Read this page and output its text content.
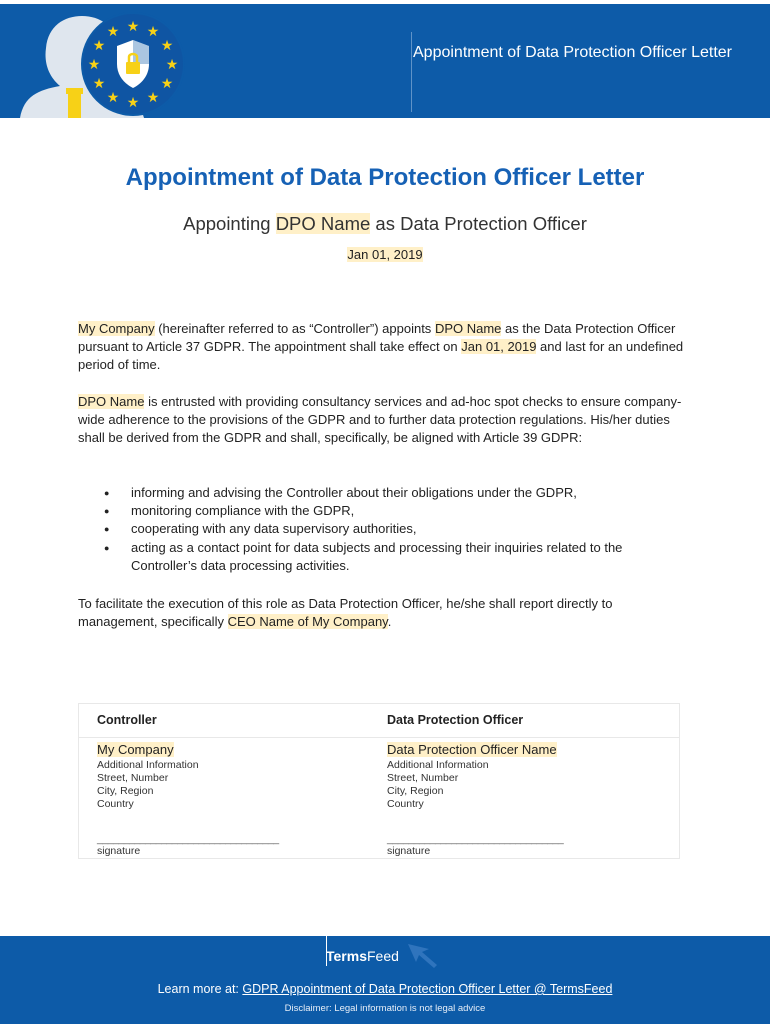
★ ★
★
★
★
★
★
★
★
★
★
★
Appointment of Data Protection Officer Letter
Appointment of Data Protection Officer Letter
Appointing DPO Name as Data Protection Officer
Jan 01, 2019
My Company (hereinafter referred to as “Controller”) appoints DPO Name as the Data Protection Officer pursuant to Article 37 GDPR. The appointment shall take effect on Jan 01, 2019 and last for an undefined period of time.
DPO Name is entrusted with providing consultancy services and ad-hoc spot checks to ensure company-wide adherence to the provisions of the GDPR and to further data protection regulations. His/her duties shall be derived from the GDPR and shall, specifically, be aligned with Article 39 GDPR:
● informing and advising the Controller about their obligations under the GDPR,
● monitoring compliance with the GDPR,
● cooperating with any data supervisory authorities,
● acting as a contact point for data subjects and processing their inquiries related to the Controller’s data processing activities.
To facilitate the execution of this role as Data Protection Officer, he/she shall report directly to management, specifically CEO Name of My Company.
Controller	Data Protection Officer
My Company
Additional Information
Street, Number
City, Region
Country
__________________________________
signature
Data Protection Officer Name
Additional Information
Street, Number
City, Region
Country
_________________________________
signature
TermsFeed
Learn more at: GDPR Appointment of Data Protection Officer Letter @ TermsFeed
Disclaimer: Legal information is not legal advice
